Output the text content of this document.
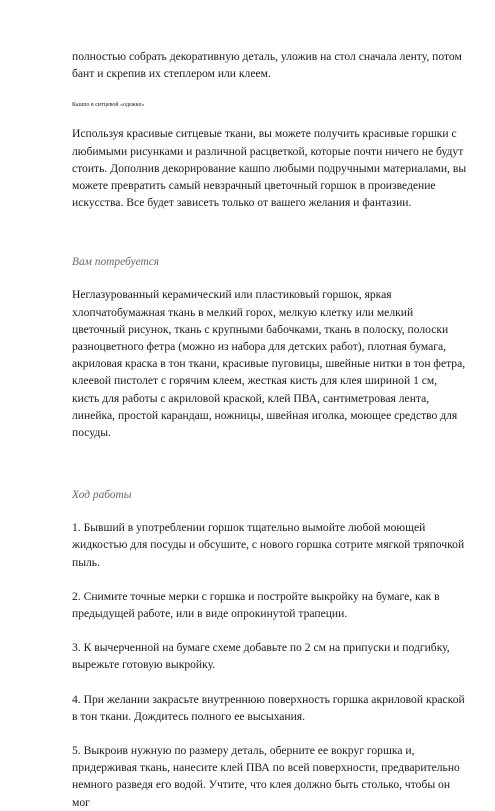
полностью собрать декоративную деталь, уложив на стол сначала ленту, потом бант и скрепив их степлером или клеем.

Кашпо в ситцевой «одежке»

Используя красивые ситцевые ткани, вы можете получить красивые горшки с любимыми рисунками и различной расцветкой, которые почти ничего не будут стоить. Дополнив декорирование кашпо любыми подручными материалами, вы можете превратить самый невзрачный цветочный горшок в произведение искусства. Все будет зависеть только от вашего желания и фантазии.

Вам потребуется

Неглазурованный керамический или пластиковый горшок, яркая хлопчатобумажная ткань в мелкий горох, мелкую клетку или мелкий цветочный рисунок, ткань с крупными бабочками, ткань в полоску, полоски разноцветного фетра (можно из набора для детских работ), плотная бумага, акриловая краска в тон ткани, красивые пуговицы, швейные нитки в тон фетра, клеевой пистолет с горячим клеем, жесткая кисть для клея шириной 1 см, кисть для работы с акриловой краской, клей ПВА, сантиметровая лента, линейка, простой карандаш, ножницы, швейная иголка, моющее средство для посуды.

Ход работы

1. Бывший в употреблении горшок тщательно вымойте любой моющей жидкостью для посуды и обсушите, с нового горшка сотрите мягкой тряпочкой пыль.

2. Снимите точные мерки с горшка и постройте выкройку на бумаге, как в предыдущей работе, или в виде опрокинутой трапеции.

3. К вычерченной на бумаге схеме добавьте по 2 см на припуски и подгибку, вырежьте готовую выкройку.

4. При желании закрасьте внутреннюю поверхность горшка акриловой краской в тон ткани. Дождитесь полного ее высыхания.

5. Выкроив нужную по размеру деталь, оберните ее вокруг горшка и, придерживая ткань, нанесите клей ПВА по всей поверхности, предварительно немного разведя его водой. Учтите, что клея должно быть столько, чтобы он мог
